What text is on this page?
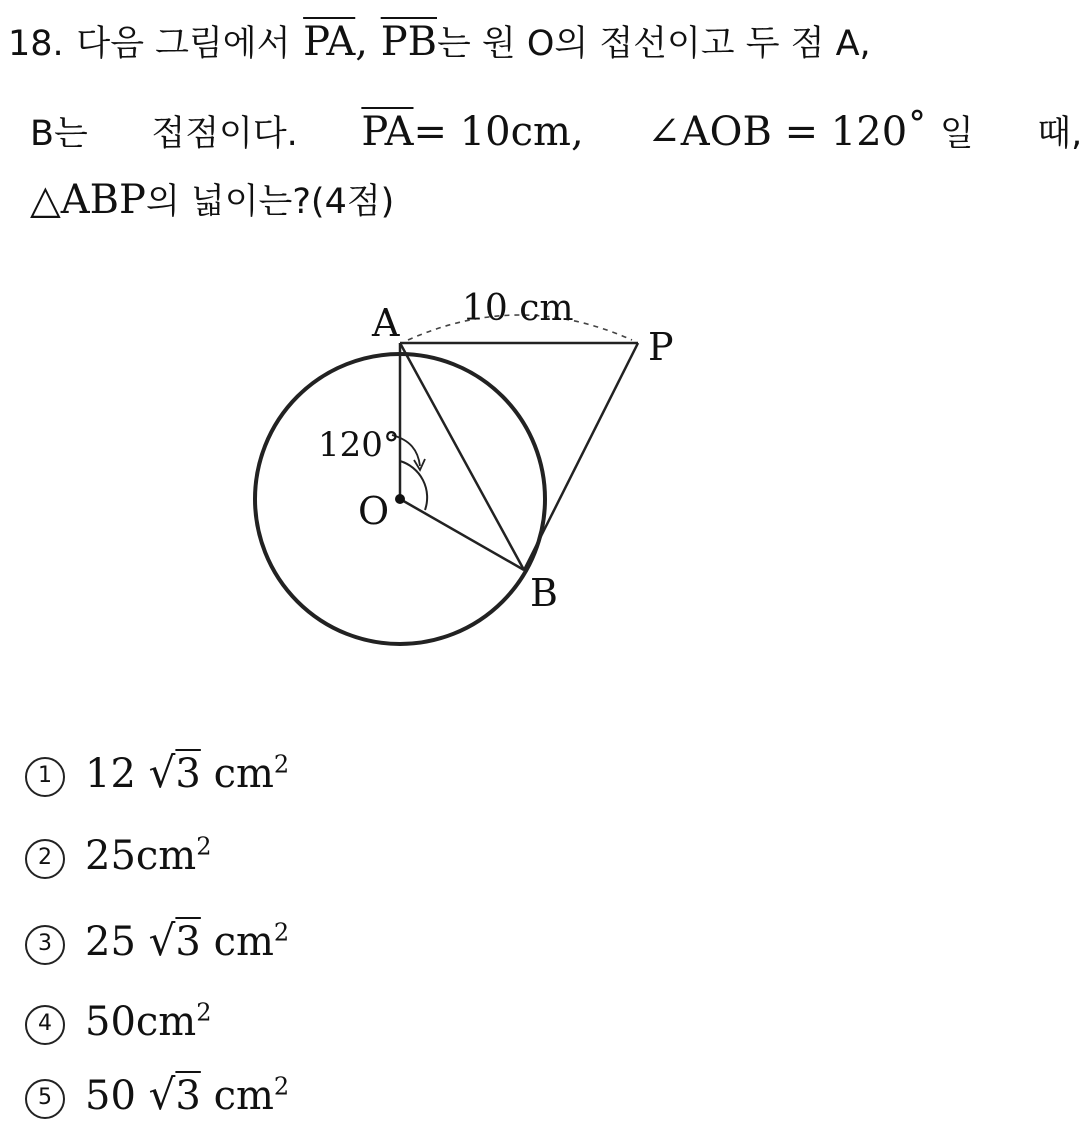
18. 다음 그림에서 $\overline{PA}$, $\overline{PB}$는 원 O의 접선이고 두 점 A,
B는 접점이다. $\overline{PA}= 10cm$, ∠AOB = 120˚ 일 때,
△ABP의 넓이는?(4점)
A
P
O
B
10 cm
120°
1 12 √3 $cm^2$
2 $25cm^2$
3 25 √3 $cm^2$
4 $50cm^2$
5 50 √3 $cm^2$
